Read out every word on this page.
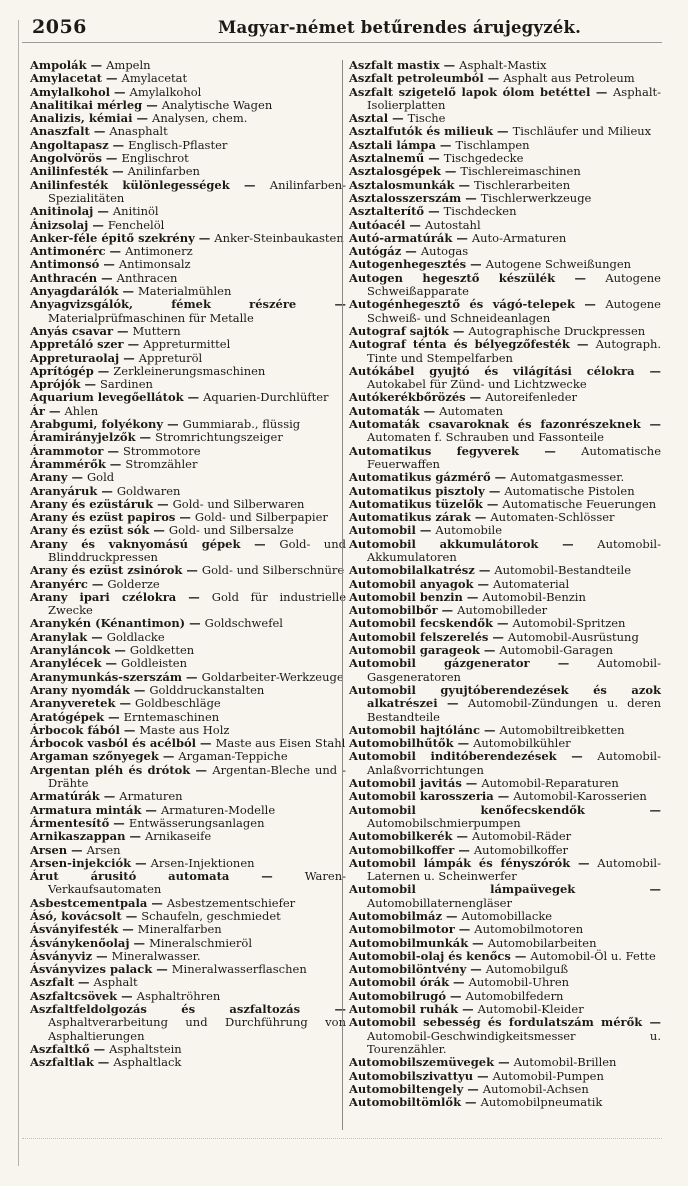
2056	Magyar-német betűrendes árujegyzék.
Ampolák — Ampeln
Amylacetat — Amylacetat
Amylalkohol — Amylalkohol
Analitikai mérleg — Analytische Wagen
Analizis, kémiai — Analysen, chem.
Anaszfalt — Anasphalt
Angoltapasz — Englisch-Pflaster
Angolvörös — Englischrot
Anilinfesték — Anilinfarben
Anilinfesték különlegességek — Anilinfarben-Spezialitäten
Anitinolaj — Anitinöl
Ánizsolaj — Fenchelöl
Anker-féle épitő szekrény — Anker-Steinbaukasten
Antimonérc — Antimonerz
Antimonsó — Antimonsalz
Anthracén — Anthracen
Anyagdarálók — Materialmühlen
Anyagvizsgálók, fémek részére — Materialprüfmaschinen für Metalle
Anyás csavar — Muttern
Appretáló szer — Appreturmittel
Appreturaolaj — Appreturöl
Aprítógép — Zerkleinerungsmaschinen
Aprójók — Sardinen
Aquarium levegőellátok — Aquarien-Durchlüfter
Ár — Ahlen
Arabgumi, folyékony — Gummiarab., flüssig
Áramirányjelzők — Stromrichtungszeiger
Árammotor — Strommotore
Árammérők — Stromzähler
Arany — Gold
Aranyáruk — Goldwaren
Arany és ezüstáruk — Gold- und Silberwaren
Arany és ezüst papiros — Gold- und Silberpapier
Arany és ezüst sók — Gold- und Silbersalze
Arany és vaknyomású gépek — Gold- und Blinddruckpressen
Arany és ezüst zsinórok — Gold- und Silberschnüre
Aranyérc — Golderze
Arany ipari czélokra — Gold für industrielle Zwecke
Aranykén (Kénantimon) — Goldschwefel
Aranylak — Goldlacke
Aranyláncok — Goldketten
Aranylécek — Goldleisten
Aranymunkás-szerszám — Goldarbeiter-Werkzeuge
Arany nyomdák — Golddruckanstalten
Aranyveretek — Goldbeschläge
Aratógépek — Erntemaschinen
Árbocok fából — Maste aus Holz
Árbocok vasból és acélból — Maste aus Eisen Stahl
Argaman szőnyegek — Argaman-Teppiche
Argentan pléh és drótok — Argentan-Bleche und -Drähte
Armatúrák — Armaturen
Armatura minták — Armaturen-Modelle
Ármentesítő — Entwässerungsanlagen
Arnikaszappan — Arnikaseife
Arsen — Arsen
Arsen-injekciók — Arsen-Injektionen
Árut árusitó automata — Waren-Verkaufsautomaten
Asbestcementpala — Asbestzementschiefer
Ásó, kovácsolt — Schaufeln, geschmiedet
Ásványifesték — Mineralfarben
Ásványkenőolaj — Mineralschmieröl
Ásványviz — Mineralwasser.
Ásványvizes palack — Mineralwasserflaschen
Aszfalt — Asphalt
Aszfaltcsövek — Asphaltröhren
Aszfaltfeldolgozás és aszfaltozás — Asphaltverarbeitung und Durchführung von Asphaltierungen
Aszfaltkő — Asphaltstein
Aszfaltlak — Asphaltlack
Aszfalt mastix — Asphalt-Mastix
Aszfalt petroleumból — Asphalt aus Petroleum
Aszfalt szigetelő lapok ólom betéttel — Asphalt-Isolierplatten
Asztal — Tische
Asztalfutók és milieuk — Tischläufer und Milieux
Asztali lámpa — Tischlampen
Asztalnemű — Tischgedecke
Asztalosgépek — Tischlereimaschinen
Asztalosmunkák — Tischlerarbeiten
Asztalosszerszám — Tischlerwerkzeuge
Asztalterítő — Tischdecken
Autóacél — Autostahl
Autó-armatúrák — Auto-Armaturen
Autógáz — Autogas
Autogenhegesztés — Autogene Schweißungen
Autogen hegesztő készülék — Autogene Schweißapparate
Autogénhegesztő és vágó-telepek — Autogene Schweiß- und Schneideanlagen
Autograf sajtók — Autographische Druckpressen
Autograf ténta és bélyegzőfesték — Autograph. Tinte und Stempelfarben
Autókábel gyujtó és világítási célokra — Autokabel für Zünd- und Lichtzwecke
Autókerékbőrözés — Autoreifenleder
Automaták — Automaten
Automaták csavaroknak és fazonrészeknek — Automaten f. Schrauben und Fassonteile
Automatikus fegyverek — Automatische Feuerwaffen
Automatikus gázmérő — Automatgasmesser.
Automatikus pisztoly — Automatische Pistolen
Automatikus tüzelők — Automatische Feuerungen
Automatikus zárak — Automaten-Schlösser
Automobil — Automobile
Automobil akkumulátorok — Automobil-Akkumulatoren
Automobilalkatrész — Automobil-Bestandteile
Automobil anyagok — Automaterial
Automobil benzin — Automobil-Benzin
Automobilbőr — Automobilleder
Automobil fecskendők — Automobil-Spritzen
Automobil felszerelés — Automobil-Ausrüstung
Automobil garageok — Automobil-Garagen
Automobil gázgenerator — Automobil-Gasgeneratoren
Automobil gyujtóberendezések és azok alkatrészei — Automobil-Zündungen u. deren Bestandteile
Automobil hajtólánc — Automobiltreibketten
Automobilhűtők — Automobilkühler
Automobil inditóberendezések — Automobil-Anlaßvorrichtungen
Automobil javitás — Automobil-Reparaturen
Automobil karosszeria — Automobil-Karosserien
Automobil kenőfecskendők — Automobilschmierpumpen
Automobilkerék — Automobil-Räder
Automobilkoffer — Automobilkoffer
Automobil lámpák és fényszórók — Automobil-Laternen u. Scheinwerfer
Automobil lámpaüvegek — Automobillaternengläser
Automobilmáz — Automobillacke
Automobilmotor — Automobilmotoren
Automobilmunkák — Automobilarbeiten
Automobil-olaj és kenőcs — Automobil-Öl u. Fette
Automobilöntvény — Automobilguß
Automobil órák — Automobil-Uhren
Automobilrugó — Automobilfedern
Automobil ruhák — Automobil-Kleider
Automobil sebesség és fordulatszám mérők — Automobil-Geschwindigkeitsmesser u. Tourenzähler.
Automobilszemüvegek — Automobil-Brillen
Automobilszivattyu — Automobil-Pumpen
Automobiltengely — Automobil-Achsen
Automobiltömlők — Automobilpneumatik
